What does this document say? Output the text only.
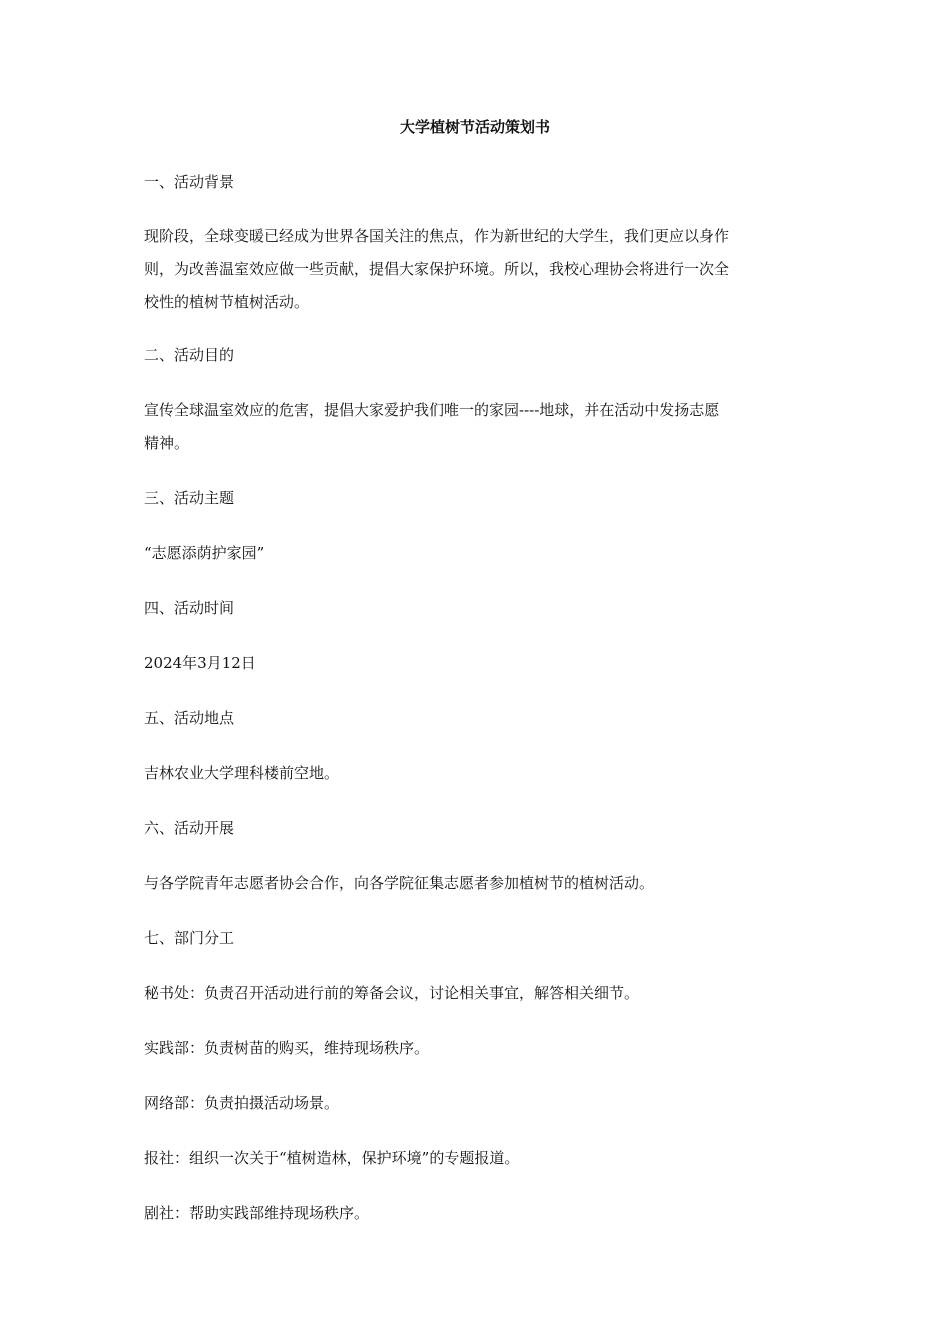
大学植树节活动策划书
一、活动背景
现阶段，全球变暖已经成为世界各国关注的焦点，作为新世纪的大学生，我们更应以身作
则，为改善温室效应做一些贡献，提倡大家保护环境。所以，我校心理协会将进行一次全
校性的植树节植树活动。
二、活动目的
宣传全球温室效应的危害，提倡大家爱护我们唯一的家园----地球，并在活动中发扬志愿
精神。
三、活动主题
“志愿添荫护家园”
四、活动时间
2024年3月12日
五、活动地点
吉林农业大学理科楼前空地。
六、活动开展
与各学院青年志愿者协会合作，向各学院征集志愿者参加植树节的植树活动。
七、部门分工
秘书处：负责召开活动进行前的筹备会议，讨论相关事宜，解答相关细节。
实践部：负责树苗的购买，维持现场秩序。
网络部：负责拍摄活动场景。
报社：组织一次关于“植树造林，保护环境”的专题报道。
剧社：帮助实践部维持现场秩序。
